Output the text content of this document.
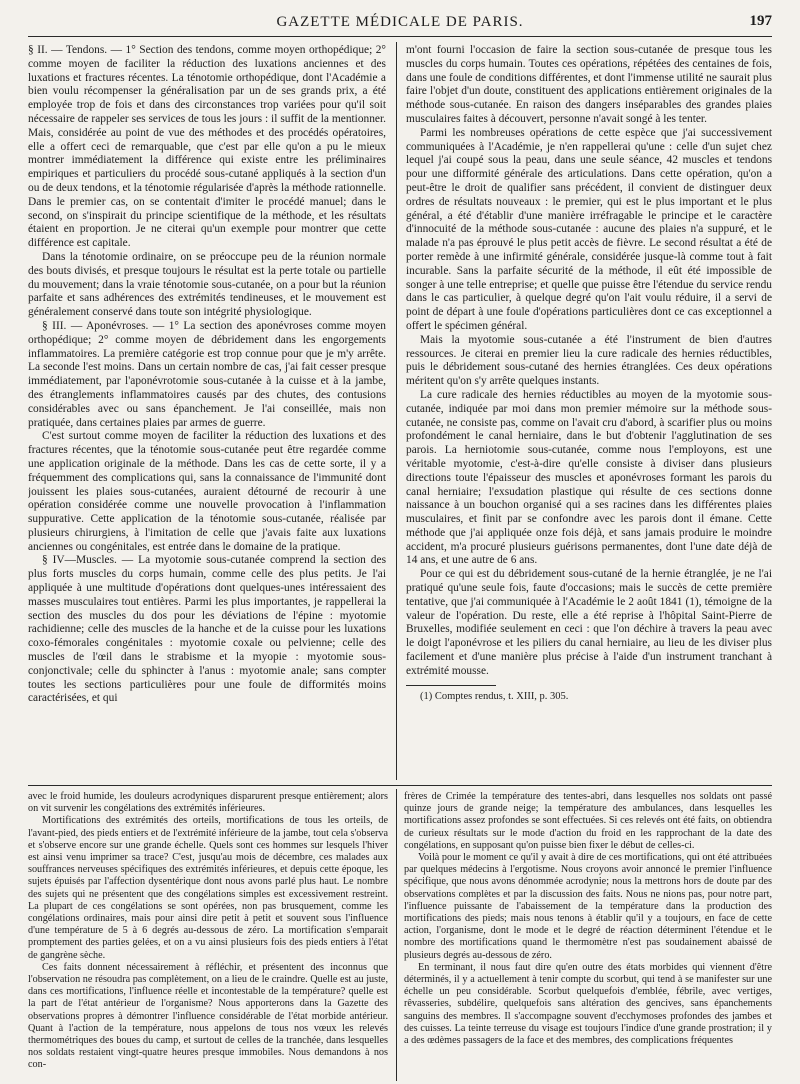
GAZETTE MÉDICALE DE PARIS.	197

§ II. — Tendons. — 1° Section des tendons, comme moyen orthopédique; 2° comme moyen de faciliter la réduction des luxations anciennes et des luxations et fractures récentes. La ténotomie orthopédique, dont l'Académie a bien voulu récompenser la généralisation par un de ses grands prix, a été employée trop de fois et dans des circonstances trop variées pour qu'il soit nécessaire de rappeler ses services de tous les jours : il suffit de la mentionner. Mais, considérée au point de vue des méthodes et des procédés opératoires, elle a offert ceci de remarquable, que c'est par elle qu'on a pu le mieux montrer immédiatement la différence qui existe entre les préliminaires empiriques et particuliers du procédé sous-cutané appliqués à la section d'un ou de deux tendons, et la ténotomie régularisée d'après la méthode rationnelle. Dans le premier cas, on se contentait d'imiter le procédé manuel; dans le second, on s'inspirait du principe scientifique de la méthode, et les résultats étaient en proportion. Je ne citerai qu'un exemple pour montrer que cette différence est capitale.

Dans la ténotomie ordinaire, on se préoccupe peu de la réunion normale des bouts divisés, et presque toujours le résultat est la perte totale ou partielle du mouvement; dans la vraie ténotomie sous-cutanée, on a pour but la réunion parfaite et sans adhérences des extrémités tendineuses, et le mouvement est généralement conservé dans toute son intégrité physiologique.

§ III. — Aponévroses. — 1° La section des aponévroses comme moyen orthopédique; 2° comme moyen de débridement dans les engorgements inflammatoires. La première catégorie est trop connue pour que je m'y arrête. La seconde l'est moins. Dans un certain nombre de cas, j'ai fait cesser presque immédiatement, par l'aponévrotomie sous-cutanée à la cuisse et à la jambe, des étranglements inflammatoires causés par des chutes, des contusions considérables avec ou sans épanchement. Je l'ai conseillée, mais non pratiquée, dans certaines plaies par armes de guerre.

C'est surtout comme moyen de faciliter la réduction des luxations et des fractures récentes, que la ténotomie sous-cutanée peut être regardée comme une application originale de la méthode. Dans les cas de cette sorte, il y a fréquemment des complications qui, sans la connaissance de l'immunité dont jouissent les plaies sous-cutanées, auraient détourné de recourir à une opération considérée comme une nouvelle provocation à l'inflammation suppurative. Cette application de la ténotomie sous-cutanée, réalisée par plusieurs chirurgiens, à l'imitation de celle que j'avais faite aux luxations anciennes ou congénitales, est entrée dans le domaine de la pratique.

§ IV—Muscles. — La myotomie sous-cutanée comprend la section des plus forts muscles du corps humain, comme celle des plus petits. Je l'ai appliquée à une multitude d'opérations dont quelques-unes intéressaient des masses musculaires tout entières. Parmi les plus importantes, je rappellerai la section des muscles du dos pour les déviations de l'épine : myotomie rachidienne; celle des muscles de la hanche et de la cuisse pour les luxations coxo-fémorales congénitales : myotomie coxale ou pelvienne; celle des muscles de l'œil dans le strabisme et la myopie : myotomie sous-conjonctivale; celle du sphincter à l'anus : myotomie anale; sans compter toutes les sections particulières pour une foule de difformités moins caractérisées, et qui

m'ont fourni l'occasion de faire la section sous-cutanée de presque tous les muscles du corps humain. Toutes ces opérations, répétées des centaines de fois, dans une foule de conditions différentes, et dont l'immense utilité ne saurait plus faire l'objet d'un doute, constituent des applications entièrement originales de la méthode sous-cutanée. En raison des dangers inséparables des grandes plaies musculaires faites à découvert, personne n'avait songé à les tenter.

Parmi les nombreuses opérations de cette espèce que j'ai successivement communiquées à l'Académie, je n'en rappellerai qu'une : celle d'un sujet chez lequel j'ai coupé sous la peau, dans une seule séance, 42 muscles et tendons pour une difformité générale des articulations. Dans cette opération, qu'on a peut-être le droit de qualifier sans précédent, il convient de distinguer deux ordres de résultats nouveaux : le premier, qui est le plus important et le plus général, a été d'établir d'une manière irréfragable le principe et le caractère d'innocuité de la méthode sous-cutanée : aucune des plaies n'a suppuré, et le malade n'a pas éprouvé le plus petit accès de fièvre. Le second résultat a été de porter remède à une infirmité générale, considérée jusque-là comme tout à fait incurable. Sans la parfaite sécurité de la méthode, il eût été impossible de songer à une telle entreprise; et quelle que puisse être l'étendue du service rendu dans le cas particulier, à quelque degré qu'on l'ait voulu réduire, il a servi de point de départ à une foule d'opérations particulières dont ce cas exceptionnel a offert le spécimen général.

Mais la myotomie sous-cutanée a été l'instrument de bien d'autres ressources. Je citerai en premier lieu la cure radicale des hernies réductibles, puis le débridement sous-cutané des hernies étranglées. Ces deux opérations méritent qu'on s'y arrête quelques instants.

La cure radicale des hernies réductibles au moyen de la myotomie sous-cutanée, indiquée par moi dans mon premier mémoire sur la méthode sous-cutanée, ne consiste pas, comme on l'avait cru d'abord, à scarifier plus ou moins profondément le canal herniaire, dans le but d'obtenir l'agglutination de ses parois. La herniotomie sous-cutanée, comme nous l'employons, est une véritable myotomie, c'est-à-dire qu'elle consiste à diviser dans plusieurs directions toute l'épaisseur des muscles et aponévroses formant les parois du canal herniaire; l'exsudation plastique qui résulte de ces sections donne naissance à un bouchon organisé qui a ses racines dans les différentes plaies musculaires, et finit par se confondre avec les parois dont il émane. Cette méthode que j'ai appliquée onze fois déjà, et sans jamais produire le moindre accident, m'a procuré plusieurs guérisons permanentes, dont l'une date déjà de 14 ans, et une autre de 6 ans.

Pour ce qui est du débridement sous-cutané de la hernie étranglée, je ne l'ai pratiqué qu'une seule fois, faute d'occasions; mais le succès de cette première tentative, que j'ai communiquée à l'Académie le 2 août 1841 (1), témoigne de la valeur de l'opération. Du reste, elle a été reprise à l'hôpital Saint-Pierre de Bruxelles, modifiée seulement en ceci : que l'on déchire à travers la peau avec le doigt l'aponévrose et les piliers du canal herniaire, au lieu de les diviser plus facilement et d'une manière plus précise à l'aide d'un instrument tranchant à extrémité mousse.

(1) Comptes rendus, t. XIII, p. 305.

avec le froid humide, les douleurs acrodyniques disparurent presque entièrement; alors on vit survenir les congélations des extrémités inférieures.

Mortifications des extrémités des orteils, mortifications de tous les orteils, de l'avant-pied, des pieds entiers et de l'extrémité inférieure de la jambe, tout cela s'observa et s'observe encore sur une grande échelle. Quels sont ces hommes sur lesquels l'hiver est ainsi venu imprimer sa trace? C'est, jusqu'au mois de décembre, ces malades aux souffrances nerveuses spécifiques des extrémités inférieures, et depuis cette époque, les sujets épuisés par l'affection dysentérique dont nous avons parlé plus haut. Le nombre des sujets qui ne présentent que des congélations simples est excessivement restreint. La plupart de ces congélations se sont opérées, non pas brusquement, comme les congélations ordinaires, mais pour ainsi dire petit à petit et souvent sous l'influence d'une température de 5 à 6 degrés au-dessous de zéro. La mortification s'emparait promptement des parties gelées, et on a vu ainsi plusieurs fois des pieds entiers à l'état de gangrène sèche.

Ces faits donnent nécessairement à réfléchir, et présentent des inconnus que l'observation ne résoudra pas complètement, on a lieu de le craindre. Quelle est au juste, dans ces mortifications, l'influence réelle et incontestable de la température? quelle est la part de l'état antérieur de l'organisme? Nous apporterons dans la Gazette des observations propres à démontrer l'influence considérable de l'état morbide antérieur. Quant à l'action de la température, nous appelons de tous nos vœux les relevés thermométriques des boues du camp, et surtout de celles de la tranchée, dans lesquelles nos soldats restaient vingt-quatre heures presque immobiles. Nous demandons à nos con-

frères de Crimée la température des tentes-abri, dans lesquelles nos soldats ont passé quinze jours de grande neige; la température des ambulances, dans lesquelles les mortifications assez profondes se sont effectuées. Si ces relevés ont été faits, on obtiendra de curieux résultats sur le mode d'action du froid en les rapprochant de la date des congélations, en supposant qu'on puisse bien fixer le début de celles-ci.

Voilà pour le moment ce qu'il y avait à dire de ces mortifications, qui ont été attribuées par quelques médecins à l'ergotisme. Nous croyons avoir annoncé le premier l'influence spécifique, que nous avons dénommée acrodynie; nous la mettrons hors de doute par des observations complètes et par la discussion des faits. Nous ne nions pas, pour notre part, l'influence puissante de l'abaissement de la température dans la production des mortifications des pieds; mais nous tenons à établir qu'il y a toujours, en face de cette action, l'organisme, dont le mode et le degré de réaction déterminent l'étendue et le nombre des mortifications quand le thermomètre n'est pas soudainement abaissé de plusieurs degrés au-dessous de zéro.

En terminant, il nous faut dire qu'en outre des états morbides qui viennent d'être déterminés, il y a actuellement à tenir compte du scorbut, qui tend à se manifester sur une échelle un peu considérable. Scorbut quelquefois d'emblée, fébrile, avec vertiges, rêvasseries, subdélire, quelquefois sans altération des gencives, sans épanchements sanguins des membres. Il s'accompagne souvent d'ecchymoses profondes des jambes et des cuisses. La teinte terreuse du visage est toujours l'indice d'une grande prostration; il y a des œdèmes passagers de la face et des membres, des complications fréquentes
